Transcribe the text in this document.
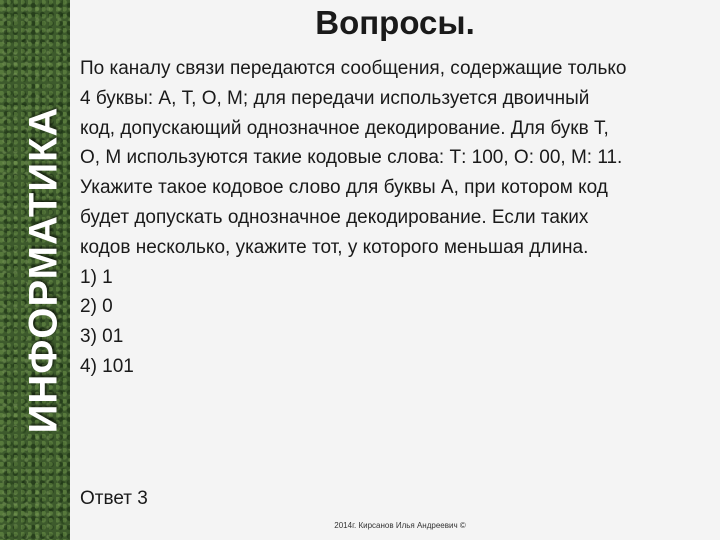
ИНФОРМАТИКА
Вопросы.
По каналу связи передаются сообщения, содержащие только
4 буквы: А, Т, О, М; для передачи используется двоичный
код, допускающий однозначное декодирование. Для букв Т,
О, М используются такие кодовые слова: Т: 100, О: 00, М: 11.
Укажите такое кодовое слово для буквы А, при котором код
будет допускать однозначное декодирование. Если таких
кодов несколько, укажите тот, у которого меньшая длина.
1) 1
2) 0
3) 01
4) 101
Ответ 3
2014г. Кирсанов Илья Андреевич ©
